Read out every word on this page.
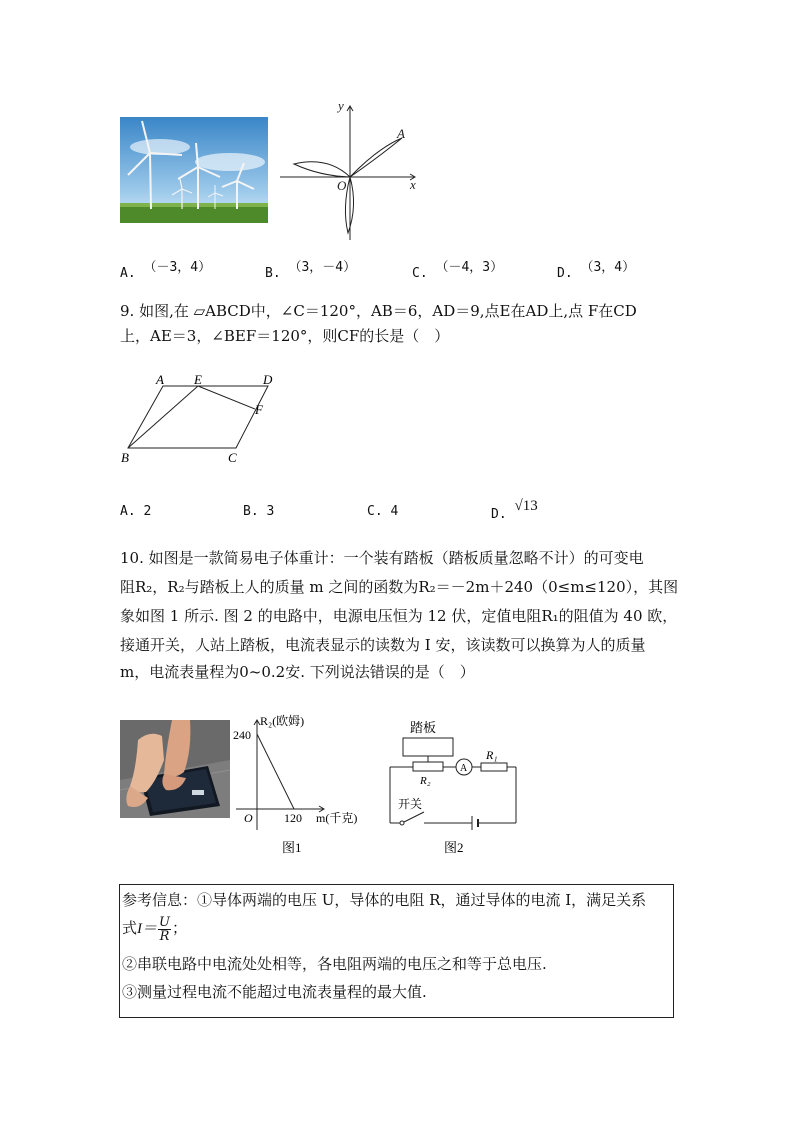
y
x
O
A
A. （－3，4）	B. （3，－4）	C. （－4，3）	D. （3，4）
9. 如图,在 ▱ABCD中，∠C＝120°，AB＝6，AD＝9,点E在AD上,点 F在CD
上，AE＝3，∠BEF＝120°，则CF的长是（　）
A E	D
F
B	C
A. 2	B. 3	C. 4	D. √13
10. 如图是一款简易电子体重计：一个装有踏板（踏板质量忽略不计）的可变电
阻R₂，R₂与踏板上人的质量 m 之间的函数为R₂＝－2m＋240（0≤m≤120），其图
象如图 1 所示. 图 2 的电路中，电源电压恒为 12 伏，定值电阻R₁的阻值为 40 欧，
接通开关，人站上踏板，电流表显示的读数为 I 安，该读数可以换算为人的质量
m，电流表量程为0~0.2安. 下列说法错误的是（　）
R₂(欧姆)
240
120 m(千克)
O
图1
踏板
R₂
A
R₁
开关
图2
参考信息：①导体两端的电压 U，导体的电阻 R，通过导体的电流 I，满足关系
式$I= \frac{U}{R}$ ；
②串联电路中电流处处相等，各电阻两端的电压之和等于总电压.
③测量过程电流不能超过电流表量程的最大值.
